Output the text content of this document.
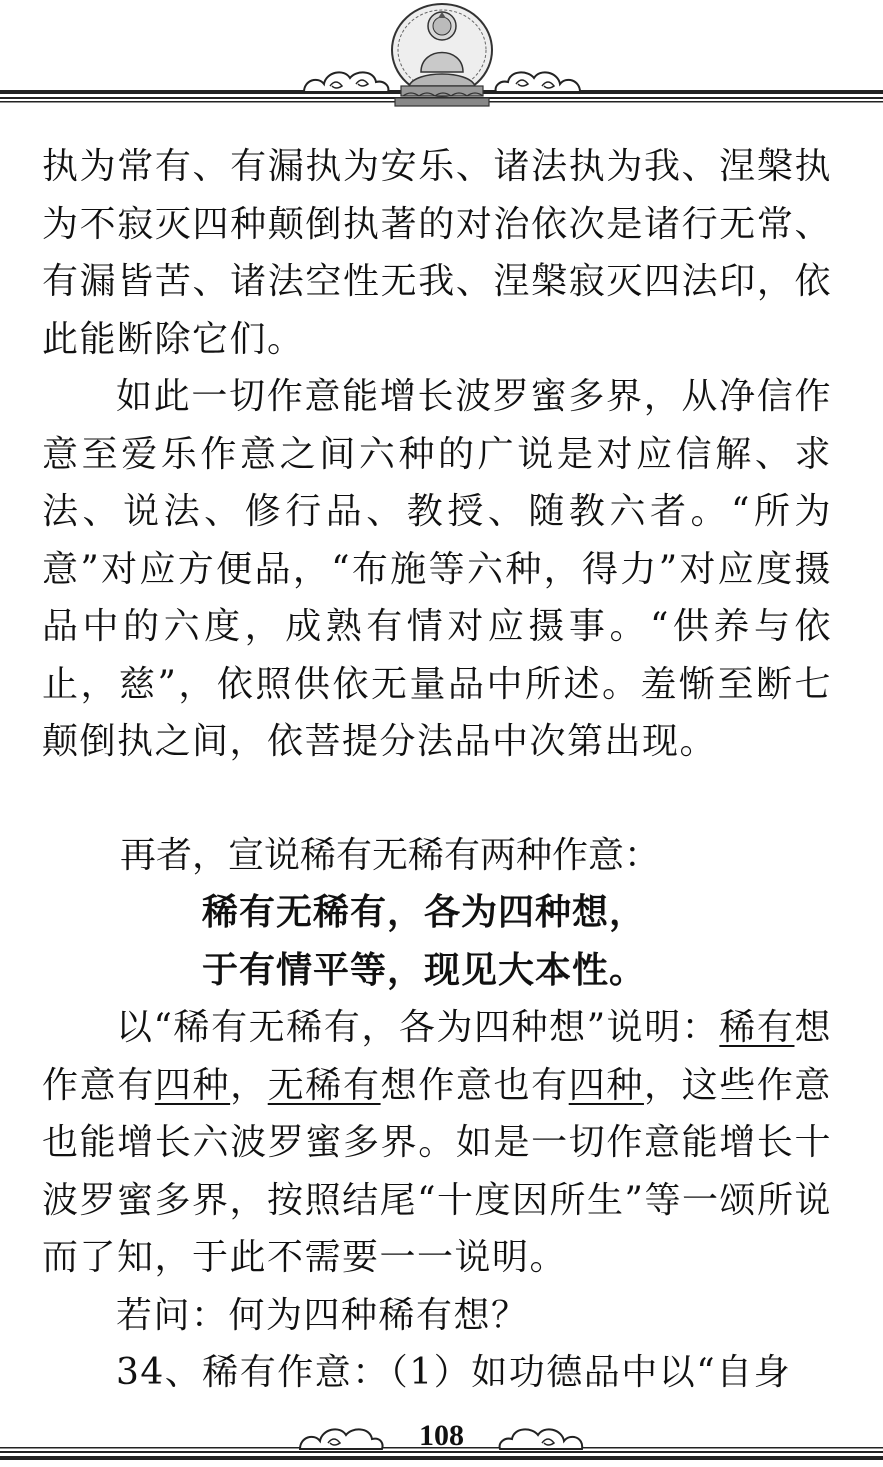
执为常有、有漏执为安乐、诸法执为我、涅槃执为不寂灭四种颠倒执著的对治依次是诸行无常、有漏皆苦、诸法空性无我、涅槃寂灭四法印，依此能断除它们。

如此一切作意能增长波罗蜜多界，从净信作意至爱乐作意之间六种的广说是对应信解、求法、说法、修行品、教授、随教六者。“所为意”对应方便品，“布施等六种，得力”对应度摄品中的六度，成熟有情对应摄事。“供养与依止，慈”，依照供依无量品中所述。羞惭至断七颠倒执之间，依菩提分法品中次第出现。

再者，宣说稀有无稀有两种作意：

稀有无稀有，各为四种想，

于有情平等，现见大本性。

以“稀有无稀有，各为四种想”说明：稀有想作意有四种，无稀有想作意也有四种，这些作意也能增长六波罗蜜多界。如是一切作意能增长十波罗蜜多界，按照结尾“十度因所生”等一颂所说而了知，于此不需要一一说明。

若问：何为四种稀有想？

34、稀有作意：（1）如功德品中以“自身

108
